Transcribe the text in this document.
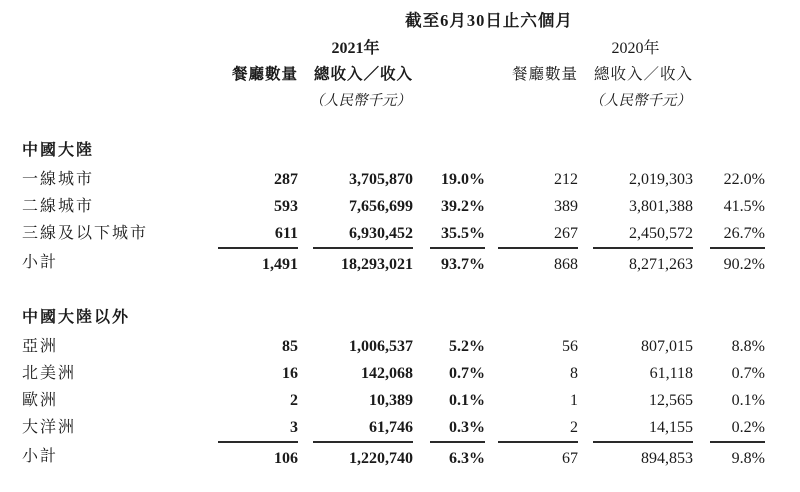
截至6月30日止六個月
2021年	2020年
餐廳數量	總收入／收入	餐廳數量	總收入／收入
（人民幣千元）	（人民幣千元）
中國大陸
一線城市	287	3,705,870	19.0%	212	2,019,303	22.0%
二線城市	593	7,656,699	39.2%	389	3,801,388	41.5%
三線及以下城市	611	6,930,452	35.5%	267	2,450,572	26.7%
小計	1,491	18,293,021	93.7%	868	8,271,263	90.2%
中國大陸以外
亞洲	85	1,006,537	5.2%	56	807,015	8.8%
北美洲	16	142,068	0.7%	8	61,118	0.7%
歐洲	2	10,389	0.1%	1	12,565	0.1%
大洋洲	3	61,746	0.3%	2	14,155	0.2%
小計	106	1,220,740	6.3%	67	894,853	9.8%
